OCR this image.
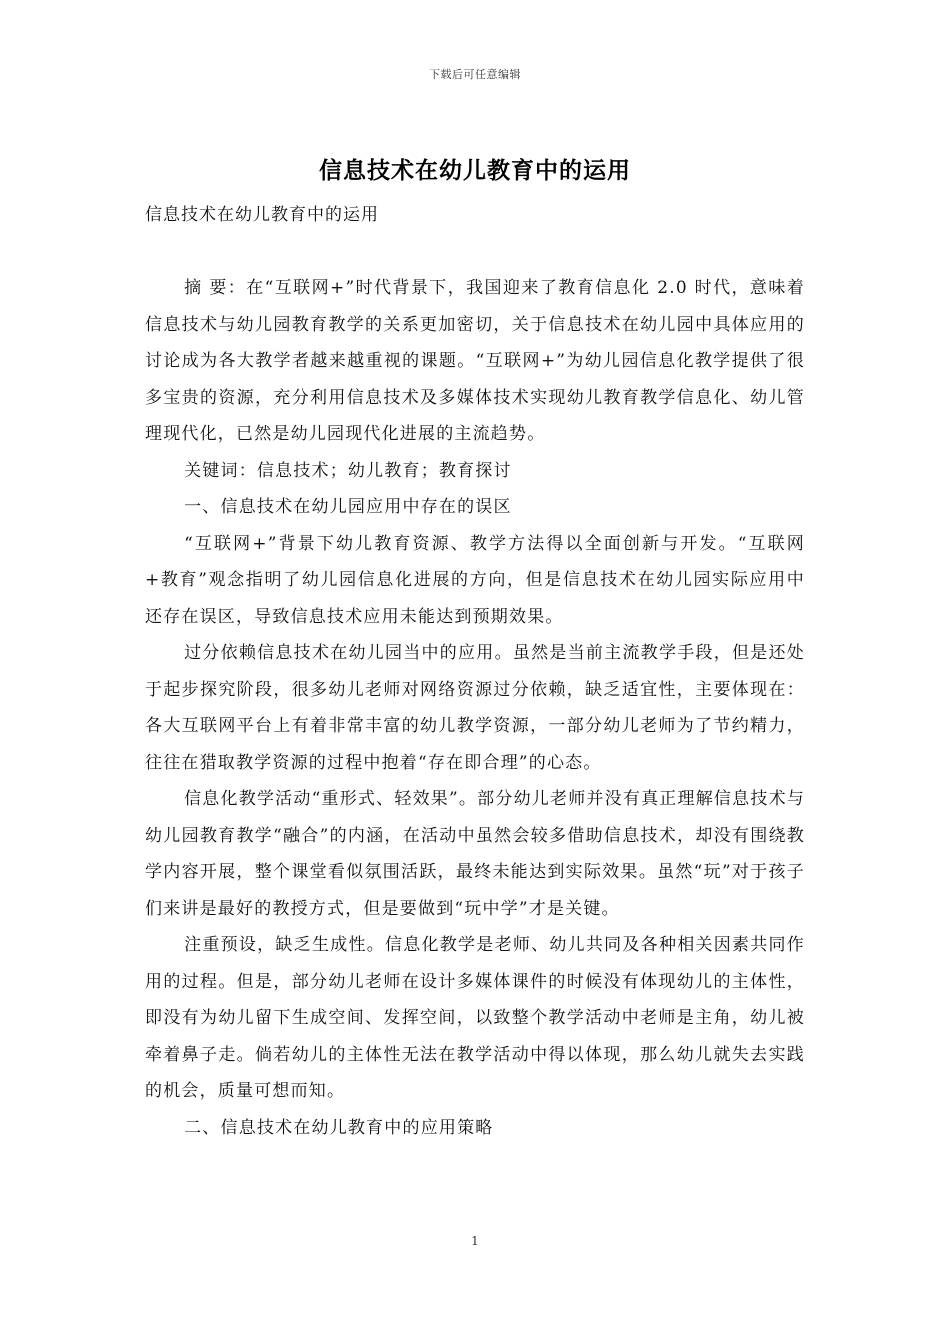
下载后可任意编辑
信息技术在幼儿教育中的运用
信息技术在幼儿教育中的运用

摘 要：在“互联网+”时代背景下，我国迎来了教育信息化 2.0 时代，意味着信息技术与幼儿园教育教学的关系更加密切，关于信息技术在幼儿园中具体应用的讨论成为各大教学者越来越重视的课题。“互联网+”为幼儿园信息化教学提供了很多宝贵的资源，充分利用信息技术及多媒体技术实现幼儿教育教学信息化、幼儿管理现代化，已然是幼儿园现代化进展的主流趋势。

关键词：信息技术；幼儿教育；教育探讨

一、信息技术在幼儿园应用中存在的误区

“互联网+”背景下幼儿教育资源、教学方法得以全面创新与开发。“互联网+教育”观念指明了幼儿园信息化进展的方向，但是信息技术在幼儿园实际应用中还存在误区，导致信息技术应用未能达到预期效果。

过分依赖信息技术在幼儿园当中的应用。虽然是当前主流教学手段，但是还处于起步探究阶段，很多幼儿老师对网络资源过分依赖，缺乏适宜性，主要体现在：各大互联网平台上有着非常丰富的幼儿教学资源，一部分幼儿老师为了节约精力，往往在猎取教学资源的过程中抱着“存在即合理”的心态。

信息化教学活动“重形式、轻效果”。部分幼儿老师并没有真正理解信息技术与幼儿园教育教学“融合”的内涵，在活动中虽然会较多借助信息技术，却没有围绕教学内容开展，整个课堂看似氛围活跃，最终未能达到实际效果。虽然“玩”对于孩子们来讲是最好的教授方式，但是要做到“玩中学”才是关键。

注重预设，缺乏生成性。信息化教学是老师、幼儿共同及各种相关因素共同作用的过程。但是，部分幼儿老师在设计多媒体课件的时候没有体现幼儿的主体性，即没有为幼儿留下生成空间、发挥空间，以致整个教学活动中老师是主角，幼儿被牵着鼻子走。倘若幼儿的主体性无法在教学活动中得以体现，那么幼儿就失去实践的机会，质量可想而知。

二、信息技术在幼儿教育中的应用策略

1
